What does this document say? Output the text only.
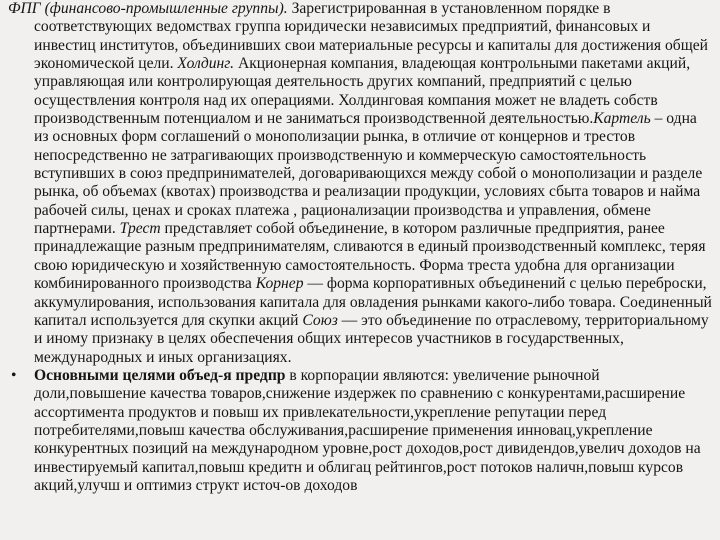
ФПГ (финансово-промышленные группы). Зарегистрированная в установленном порядке в соответствующих ведомствах группа юридически независимых предприятий, финансовых и инвестиц институтов, объединивших свои материальные ресурсы и капиталы для достижения общей экономической цели. Холдинг. Акционерная компания, владеющая контрольными пакетами акций, управляющая или контролирующая деятельность других компаний, предприятий с целью осуществления контроля над их операциями. Холдинговая компания может не владеть собств производственным потенциалом и не заниматься производственной деятельностью.Картель – одна из основных форм соглашений о монополизации рынка, в отличие от концернов и трестов непосредственно не затрагивающих производственную и коммерческую самостоятельность вступивших в союз предпринимателей, договаривающихся между собой о монополизации и разделе рынка, об объемах (квотах) производства и реализации продукции, условиях сбыта товаров и найма рабочей силы, ценах и сроках платежа , рационализации производства и управления, обмене партнерами. Трест представляет собой объединение, в котором различные предприятия, ранее принадлежащие разным предпринимателям, сливаются в единый производственный комплекс, теряя свою юридическую и хозяйственную самостоятельность. Форма треста удобна для организации комбинированного производства Корнер — форма корпоративных объединений с целью переброски, аккумулирования, использования капитала для овладения рынками какого-либо товара. Соединенный капитал используется для скупки акций Союз — это объединение по отраслевому, территориальному и иному признаку в целях обеспечения общих интересов участников в государственных, международных и иных организациях.

• Основными целями объед-я предпр в корпорации являются: увеличение рыночной доли,повышение качества товаров,снижение издержек по сравнению с конкурентами,расширение ассортимента продуктов и повыш их привлекательности,укрепление репутации перед потребителями,повыш качества обслуживания,расширение применения инновац,укрепление конкурентных позиций на международном уровне,рост доходов,рост дивидендов,увелич доходов на инвестируемый капитал,повыш кредитн и облигац рейтингов,рост потоков наличн,повыш курсов акций,улучш и оптимиз структ источ-ов доходов
